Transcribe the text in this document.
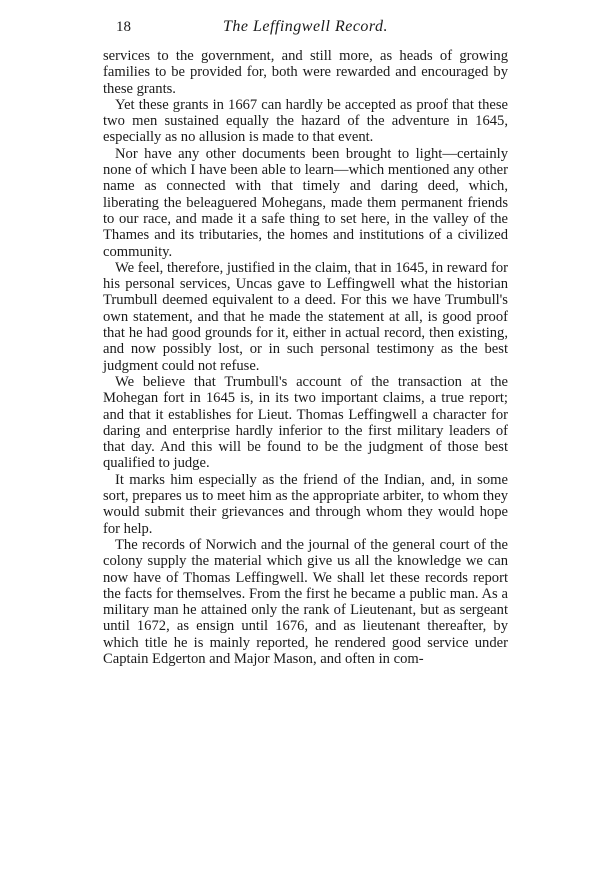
18	The Leffingwell Record.

services to the government, and still more, as heads of growing families to be provided for, both were rewarded and encouraged by these grants.

Yet these grants in 1667 can hardly be accepted as proof that these two men sustained equally the hazard of the adventure in 1645, especially as no allusion is made to that event.

Nor have any other documents been brought to light—certainly none of which I have been able to learn—which mentioned any other name as connected with that timely and daring deed, which, liberating the beleaguered Mohegans, made them permanent friends to our race, and made it a safe thing to set here, in the valley of the Thames and its tributaries, the homes and institutions of a civilized community.

We feel, therefore, justified in the claim, that in 1645, in reward for his personal services, Uncas gave to Leffingwell what the historian Trumbull deemed equivalent to a deed. For this we have Trumbull's own statement, and that he made the statement at all, is good proof that he had good grounds for it, either in actual record, then existing, and now possibly lost, or in such personal testimony as the best judgment could not refuse.

We believe that Trumbull's account of the transaction at the Mohegan fort in 1645 is, in its two important claims, a true report; and that it establishes for Lieut. Thomas Leffingwell a character for daring and enterprise hardly inferior to the first military leaders of that day. And this will be found to be the judgment of those best qualified to judge.

It marks him especially as the friend of the Indian, and, in some sort, prepares us to meet him as the appropriate arbiter, to whom they would submit their grievances and through whom they would hope for help.

The records of Norwich and the journal of the general court of the colony supply the material which give us all the knowledge we can now have of Thomas Leffingwell. We shall let these records report the facts for themselves. From the first he became a public man. As a military man he attained only the rank of Lieutenant, but as sergeant until 1672, as ensign until 1676, and as lieutenant thereafter, by which title he is mainly reported, he rendered good service under Captain Edgerton and Major Mason, and often in com-
